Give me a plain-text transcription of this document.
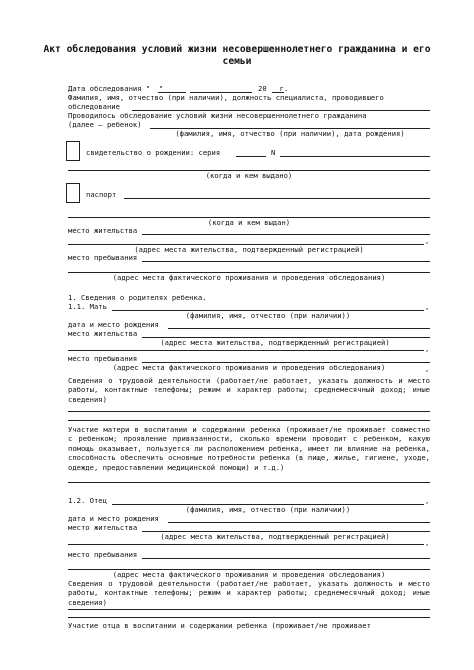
Акт обследования условий жизни несовершеннолетнего гражданина и его
семьи
Дата обследования "  "	20   г.
Фамилия, имя, отчество (при наличии), должность специалиста, проводившего
обследование
Проводилось обследование условий жизни несовершеннолетнего гражданина
(далее – ребенок)
(фамилия, имя, отчество (при наличии), дата рождения)
свидетельство о рождении: серия	N
(когда и кем выдано)
паспорт
(когда и кем выдан)
место жительства
,
(адрес места жительства, подтвержденный регистрацией)
место пребывания
(адрес места фактического проживания и проведения обследования)
1. Сведения о родителях ребенка.
1.1. Мать	,
(фамилия, имя, отчество (при наличии))
дата и место рождения
место жительства
(адрес места жительства, подтвержденный регистрацией)
,
место пребывания
(адрес места фактического проживания и проведения обследования)	,
Сведения о трудовой деятельности (работает/не работает, указать должность и место работы, контактные телефоны; режим и характер работы; среднемесячный доход; иные сведения)
Участие матери в воспитании и содержании ребенка (проживает/не проживает совместно с ребенком; проявление привязанности, сколько времени проводит с ребенком, какую помощь оказывает, пользуется ли расположением ребенка, имеет ли влияние на ребенка, способность обеспечить основные потребности ребенка (в пище, жилье, гигиене, уходе, одежде, предоставлении медицинской помощи) и т.д.)
1.2. Отец	,
(фамилия, имя, отчество (при наличии))
дата и место рождения
место жительства
(адрес места жительства, подтвержденный регистрацией)
,
место пребывания
(адрес места фактического проживания и проведения обследования)
Сведения о трудовой деятельности (работает/не работает, указать должность и место работы, контактные телефоны; режим и характер работы; среднемесячный доход; иные сведения)
Участие отца в воспитании и содержании ребенка (проживает/не проживает
